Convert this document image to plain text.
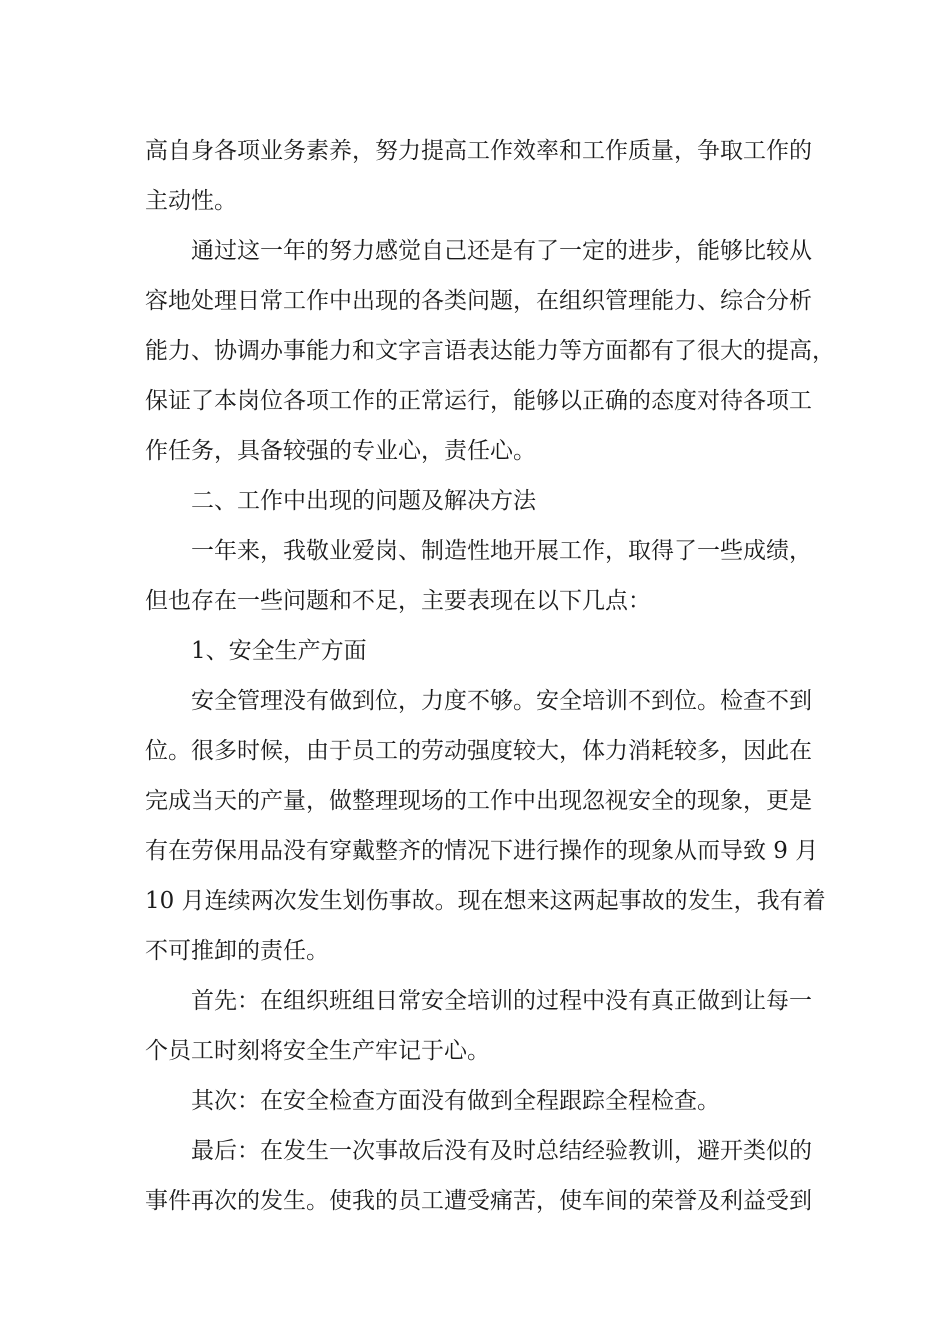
高自身各项业务素养，努力提高工作效率和工作质量，争取工作的
主动性。
通过这一年的努力感觉自己还是有了一定的进步，能够比较从
容地处理日常工作中出现的各类问题，在组织管理能力、综合分析
能力、协调办事能力和文字言语表达能力等方面都有了很大的提高，
保证了本岗位各项工作的正常运行，能够以正确的态度对待各项工
作任务，具备较强的专业心，责任心。
二、工作中出现的问题及解决方法
一年来，我敬业爱岗、制造性地开展工作，取得了一些成绩，
但也存在一些问题和不足，主要表现在以下几点：
1、安全生产方面
安全管理没有做到位，力度不够。安全培训不到位。检查不到
位。很多时候，由于员工的劳动强度较大，体力消耗较多，因此在
完成当天的产量，做整理现场的工作中出现忽视安全的现象，更是
有在劳保用品没有穿戴整齐的情况下进行操作的现象从而导致 9 月
10 月连续两次发生划伤事故。现在想来这两起事故的发生，我有着
不可推卸的责任。
首先：在组织班组日常安全培训的过程中没有真正做到让每一
个员工时刻将安全生产牢记于心。
其次：在安全检查方面没有做到全程跟踪全程检查。
最后：在发生一次事故后没有及时总结经验教训，避开类似的
事件再次的发生。使我的员工遭受痛苦，使车间的荣誉及利益受到
